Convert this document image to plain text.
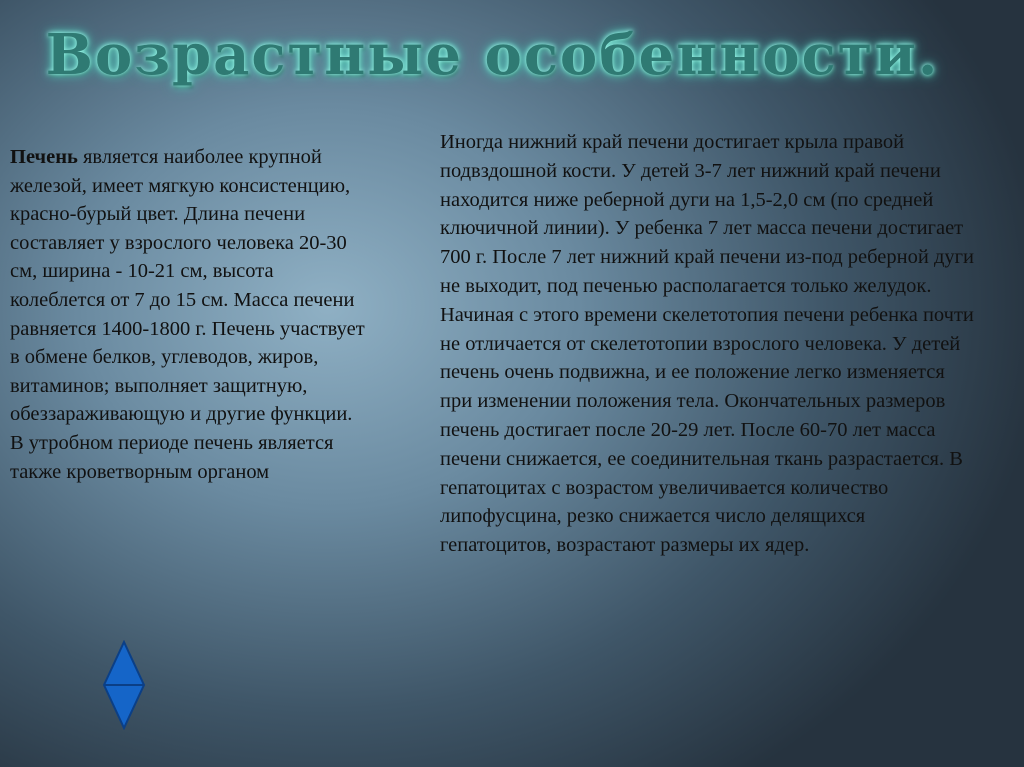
Возрастные особенности.
Печень является наиболее крупной железой, имеет мягкую консистенцию, красно-бурый цвет. Длина печени составляет у взрослого человека 20-30 см, ширина - 10-21 см, высота колеблется от 7 до 15 см. Масса печени равняется 1400-1800 г. Печень участвует в обмене белков, углеводов, жиров, витаминов; выполняет защитную, обеззараживающую и другие функции. В утробном периоде печень является также кроветворным органом
Иногда нижний край печени достигает крыла правой подвздошной кости. У детей 3-7 лет нижний край печени находится ниже реберной дуги на 1,5-2,0 см (по средней ключичной линии). У ребенка 7 лет масса печени достигает 700 г. После 7 лет нижний край печени из-под реберной дуги не выходит, под печенью располагается только желудок. Начиная с этого времени скелетотопия печени ребенка почти не отличается от скелетотопии взрослого человека. У детей печень очень подвижна, и ее положение легко изменяется при изменении положения тела. Окончательных размеров печень достигает после 20-29 лет. После 60-70 лет масса печени снижается, ее соединительная ткань разрастается. В гепатоцитах с возрастом увеличивается количество липофусцина, резко снижается число делящихся гепатоцитов, возрастают размеры их ядер.
